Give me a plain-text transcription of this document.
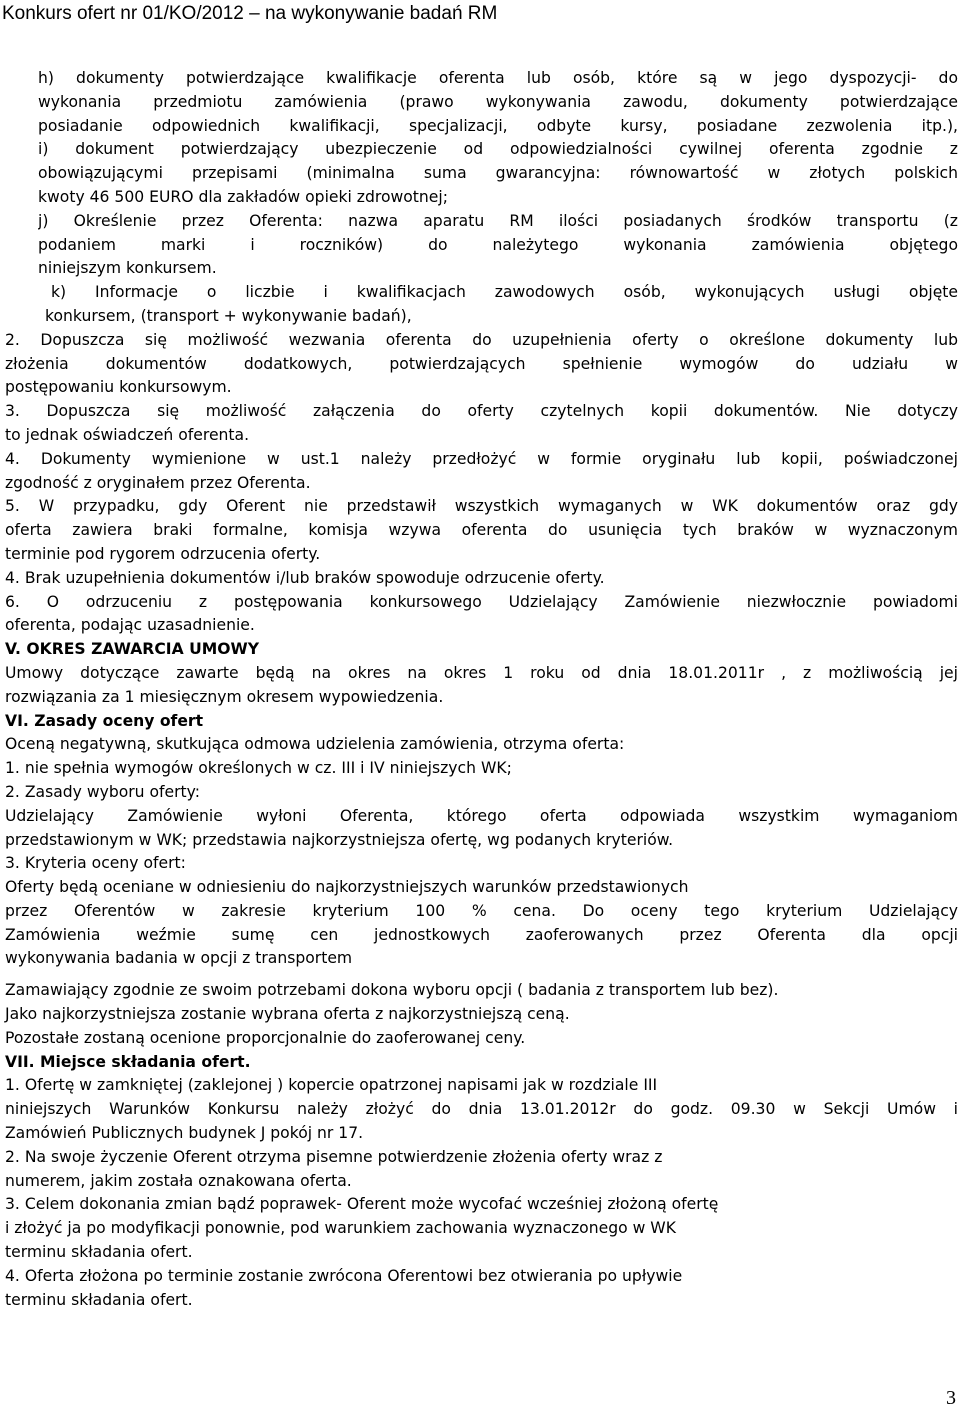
Konkurs ofert nr 01/KO/2012 – na wykonywanie badań RM
h) dokumenty potwierdzające kwalifikacje oferenta lub osób, które są w jego dyspozycji- do
wykonania przedmiotu zamówienia (prawo wykonywania zawodu, dokumenty potwierdzające
posiadanie odpowiednich kwalifikacji, specjalizacji, odbyte kursy, posiadane zezwolenia itp.),
i) dokument potwierdzający ubezpieczenie od odpowiedzialności cywilnej oferenta zgodnie z
obowiązującymi przepisami (minimalna suma gwarancyjna: równowartość w złotych polskich
kwoty 46 500 EURO dla zakładów opieki zdrowotnej;
j) Określenie przez Oferenta: nazwa aparatu RM ilości posiadanych środków transportu (z
podaniem marki i roczników) do należytego wykonania zamówienia objętego
niniejszym konkursem.
k) Informacje o liczbie i kwalifikacjach zawodowych osób, wykonujących usługi objęte
konkursem, (transport + wykonywanie badań),
2. Dopuszcza się możliwość wezwania oferenta do uzupełnienia oferty o określone dokumenty lub
złożenia dokumentów dodatkowych, potwierdzających spełnienie wymogów do udziału w
postępowaniu konkursowym.
3. Dopuszcza się możliwość załączenia do oferty czytelnych kopii dokumentów. Nie dotyczy
to jednak oświadczeń oferenta.
4. Dokumenty wymienione w ust.1 należy przedłożyć w formie oryginału lub kopii, poświadczonej
zgodność z oryginałem przez Oferenta.
5. W przypadku, gdy Oferent nie przedstawił wszystkich wymaganych w WK dokumentów oraz gdy
oferta zawiera braki formalne, komisja wzywa oferenta do usunięcia tych braków w wyznaczonym
terminie pod rygorem odrzucenia oferty.
4. Brak uzupełnienia dokumentów i/lub braków spowoduje odrzucenie oferty.
6. O odrzuceniu z postępowania konkursowego Udzielający Zamówienie niezwłocznie powiadomi
oferenta, podając uzasadnienie.
V. OKRES ZAWARCIA UMOWY
Umowy dotyczące zawarte będą na okres na okres 1 roku od dnia 18.01.2011r , z możliwością jej
rozwiązania za 1 miesięcznym okresem wypowiedzenia.
VI. Zasady oceny ofert
Oceną negatywną, skutkująca odmowa udzielenia zamówienia, otrzyma oferta:
1. nie spełnia wymogów określonych w cz. III i IV niniejszych WK;
2. Zasady wyboru oferty:
Udzielający Zamówienie wyłoni Oferenta, którego oferta odpowiada wszystkim wymaganiom
przedstawionym w WK; przedstawia najkorzystniejsza ofertę, wg podanych kryteriów.
3. Kryteria oceny ofert:
Oferty będą oceniane w odniesieniu do najkorzystniejszych warunków przedstawionych
przez Oferentów w zakresie kryterium 100 % cena. Do oceny tego kryterium Udzielający
Zamówienia weźmie sumę cen jednostkowych zaoferowanych przez Oferenta dla opcji
wykonywania badania w opcji z transportem
Zamawiający zgodnie ze swoim potrzebami dokona wyboru opcji ( badania z transportem lub bez).
Jako najkorzystniejsza zostanie wybrana oferta z najkorzystniejszą ceną.
Pozostałe zostaną ocenione proporcjonalnie do zaoferowanej ceny.
VII. Miejsce składania ofert.
1. Ofertę w zamkniętej (zaklejonej ) kopercie opatrzonej napisami jak w rozdziale III
niniejszych Warunków Konkursu należy złożyć do dnia 13.01.2012r do godz. 09.30 w Sekcji Umów i
Zamówień Publicznych budynek J pokój nr 17.
2. Na swoje życzenie Oferent otrzyma pisemne potwierdzenie złożenia oferty wraz z
numerem, jakim została oznakowana oferta.
3. Celem dokonania zmian bądź poprawek- Oferent może wycofać wcześniej złożoną ofertę
i złożyć ja po modyfikacji ponownie, pod warunkiem zachowania wyznaczonego w WK
terminu składania ofert.
4. Oferta złożona po terminie zostanie zwrócona Oferentowi bez otwierania po upływie
terminu składania ofert.
3
